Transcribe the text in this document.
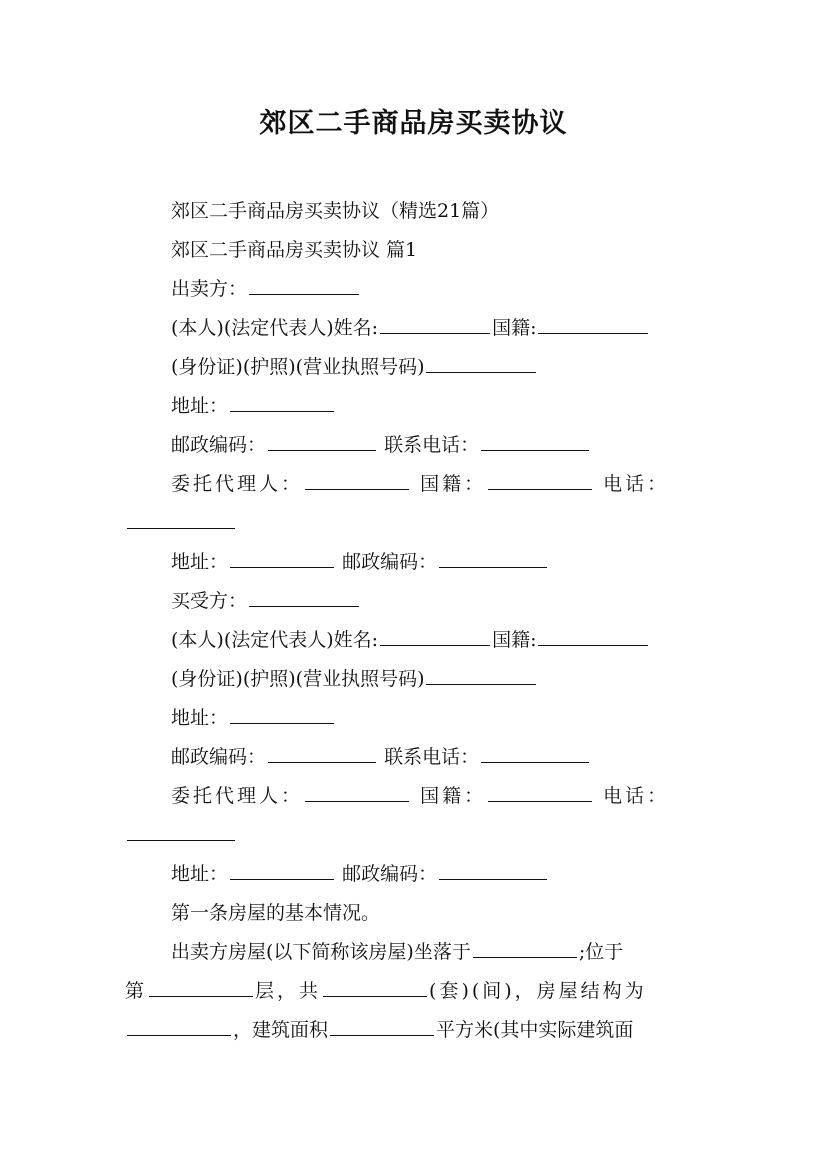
郊区二手商品房买卖协议
郊区二手商品房买卖协议（精选21篇）
郊区二手商品房买卖协议 篇1
出卖方：
(本人)(法定代表人)姓名:	国籍:
(身份证)(护照)(营业执照号码)
地址：
邮政编码：	联系电话：
委托代理人：	国籍：	电话：
地址：	邮政编码：
买受方：
(本人)(法定代表人)姓名:	国籍:
(身份证)(护照)(营业执照号码)
地址：
邮政编码：	联系电话：
委托代理人：	国籍：	电话：
地址：	邮政编码：
第一条房屋的基本情况。
出卖方房屋(以下简称该房屋)坐落于	;位于
第	层，共	(套)(间)，房屋结构为
，建筑面积	平方米(其中实际建筑面
